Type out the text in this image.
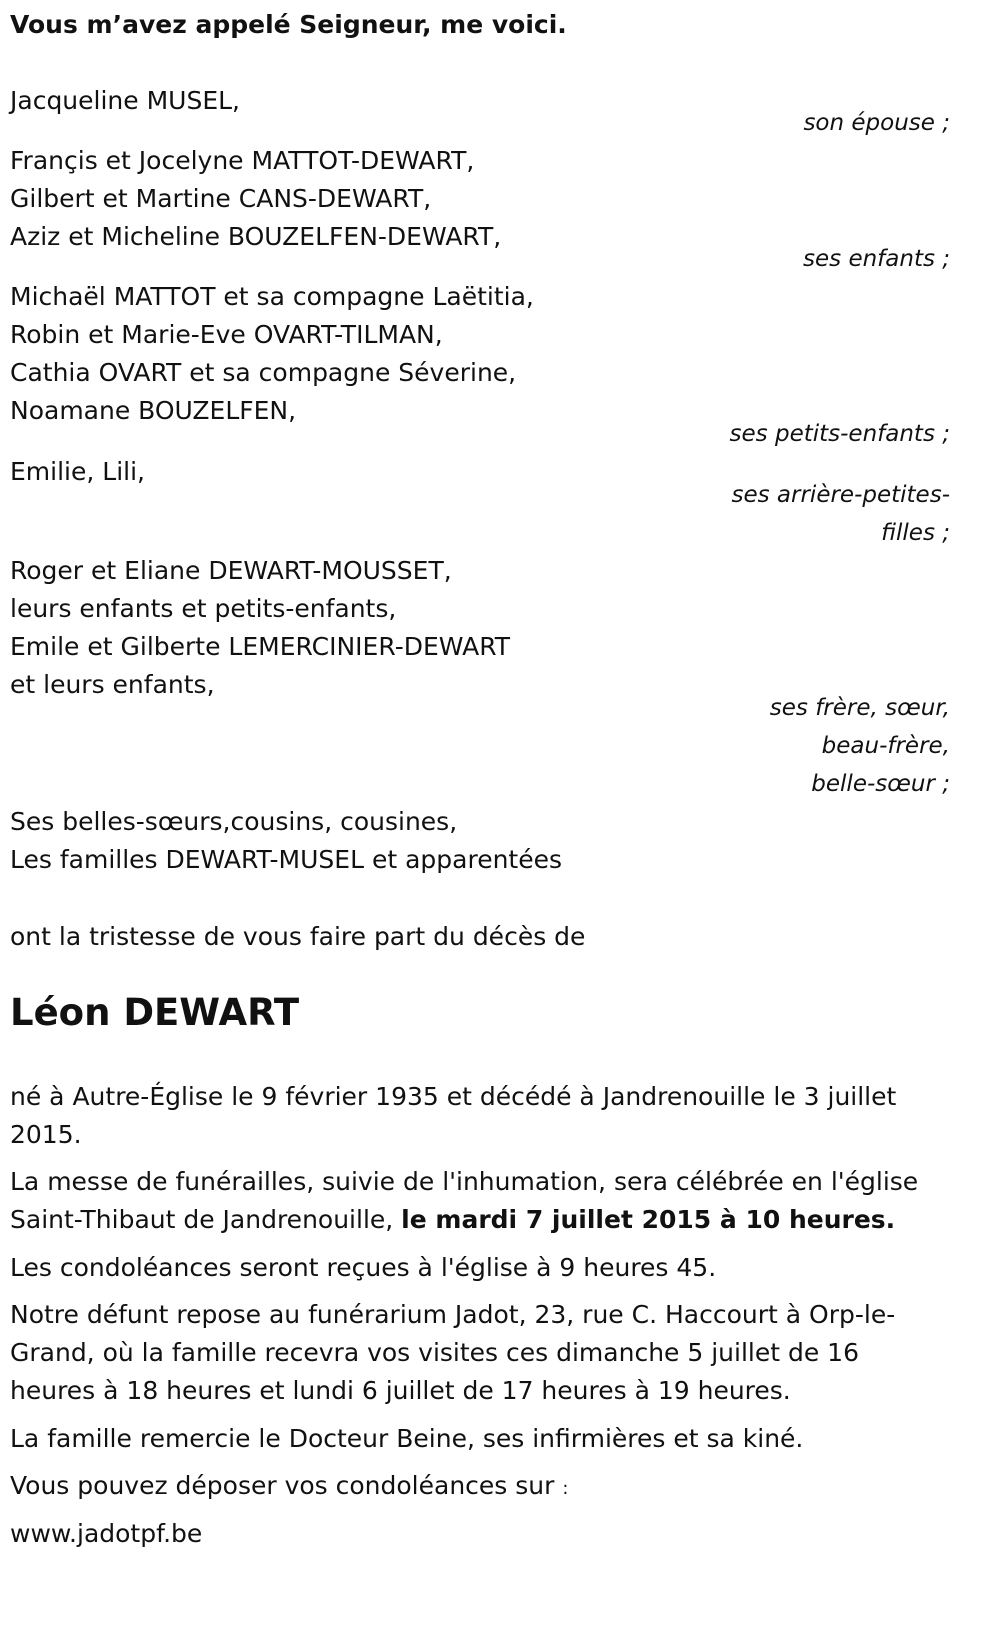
Vous m’avez appelé Seigneur, me voici.
Jacqueline MUSEL,
son épouse ;
Françis et Jocelyne MATTOT-DEWART,
Gilbert et Martine CANS-DEWART,
Aziz et Micheline BOUZELFEN-DEWART,
ses enfants ;
Michaël MATTOT et sa compagne Laëtitia,
Robin et Marie-Eve OVART-TILMAN,
Cathia OVART et sa compagne Séverine,
Noamane BOUZELFEN,
ses petits-enfants ;
Emilie, Lili,
ses arrière-petites-
filles ;
Roger et Eliane DEWART-MOUSSET,
leurs enfants et petits-enfants,
Emile et Gilberte LEMERCINIER-DEWART
et leurs enfants,
ses frère, sœur,
beau-frère,
belle-sœur ;
Ses belles-sœurs,cousins, cousines,
Les familles DEWART-MUSEL et apparentées
ont la tristesse de vous faire part du décès de
Léon DEWART
né à Autre-Église le 9 février 1935 et décédé à Jandrenouille le 3 juillet 2015.
La messe de funérailles, suivie de l'inhumation, sera célébrée en l'église Saint-Thibaut de Jandrenouille, le mardi 7 juillet 2015 à 10 heures.
Les condoléances seront reçues à l'église à 9 heures 45.
Notre défunt repose au funérarium Jadot, 23, rue C. Haccourt à Orp-le-Grand, où la famille recevra vos visites ces dimanche 5 juillet de 16 heures à 18 heures et lundi 6 juillet de 17 heures à 19 heures.
La famille remercie le Docteur Beine, ses infirmières et sa kiné.
Vous pouvez déposer vos condoléances sur :
www.jadotpf.be
